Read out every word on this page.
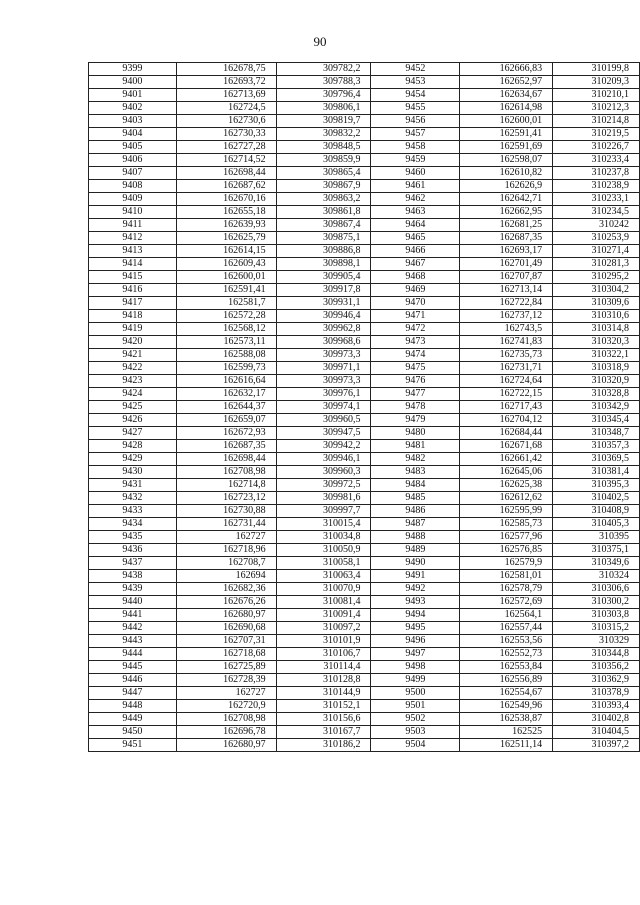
90
9399	162678,75	309782,2	9452	162666,83	310199,8
9400	162693,72	309788,3	9453	162652,97	310209,3
9401	162713,69	309796,4	9454	162634,67	310210,1
9402	162724,5	309806,1	9455	162614,98	310212,3
9403	162730,6	309819,7	9456	162600,01	310214,8
9404	162730,33	309832,2	9457	162591,41	310219,5
9405	162727,28	309848,5	9458	162591,69	310226,7
9406	162714,52	309859,9	9459	162598,07	310233,4
9407	162698,44	309865,4	9460	162610,82	310237,8
9408	162687,62	309867,9	9461	162626,9	310238,9
9409	162670,16	309863,2	9462	162642,71	310233,1
9410	162655,18	309861,8	9463	162662,95	310234,5
9411	162639,93	309867,4	9464	162681,25	310242
9412	162625,79	309875,1	9465	162687,35	310253,9
9413	162614,15	309886,8	9466	162693,17	310271,4
9414	162609,43	309898,1	9467	162701,49	310281,3
9415	162600,01	309905,4	9468	162707,87	310295,2
9416	162591,41	309917,8	9469	162713,14	310304,2
9417	162581,7	309931,1	9470	162722,84	310309,6
9418	162572,28	309946,4	9471	162737,12	310310,6
9419	162568,12	309962,8	9472	162743,5	310314,8
9420	162573,11	309968,6	9473	162741,83	310320,3
9421	162588,08	309973,3	9474	162735,73	310322,1
9422	162599,73	309971,1	9475	162731,71	310318,9
9423	162616,64	309973,3	9476	162724,64	310320,9
9424	162632,17	309976,1	9477	162722,15	310328,8
9425	162644,37	309974,1	9478	162717,43	310342,9
9426	162659,07	309960,5	9479	162704,12	310345,4
9427	162672,93	309947,5	9480	162684,44	310348,7
9428	162687,35	309942,2	9481	162671,68	310357,3
9429	162698,44	309946,1	9482	162661,42	310369,5
9430	162708,98	309960,3	9483	162645,06	310381,4
9431	162714,8	309972,5	9484	162625,38	310395,3
9432	162723,12	309981,6	9485	162612,62	310402,5
9433	162730,88	309997,7	9486	162595,99	310408,9
9434	162731,44	310015,4	9487	162585,73	310405,3
9435	162727	310034,8	9488	162577,96	310395
9436	162718,96	310050,9	9489	162576,85	310375,1
9437	162708,7	310058,1	9490	162579,9	310349,6
9438	162694	310063,4	9491	162581,01	310324
9439	162682,36	310070,9	9492	162578,79	310306,6
9440	162676,26	310081,4	9493	162572,69	310300,2
9441	162680,97	310091,4	9494	162564,1	310303,8
9442	162690,68	310097,2	9495	162557,44	310315,2
9443	162707,31	310101,9	9496	162553,56	310329
9444	162718,68	310106,7	9497	162552,73	310344,8
9445	162725,89	310114,4	9498	162553,84	310356,2
9446	162728,39	310128,8	9499	162556,89	310362,9
9447	162727	310144,9	9500	162554,67	310378,9
9448	162720,9	310152,1	9501	162549,96	310393,4
9449	162708,98	310156,6	9502	162538,87	310402,8
9450	162696,78	310167,7	9503	162525	310404,5
9451	162680,97	310186,2	9504	162511,14	310397,2
